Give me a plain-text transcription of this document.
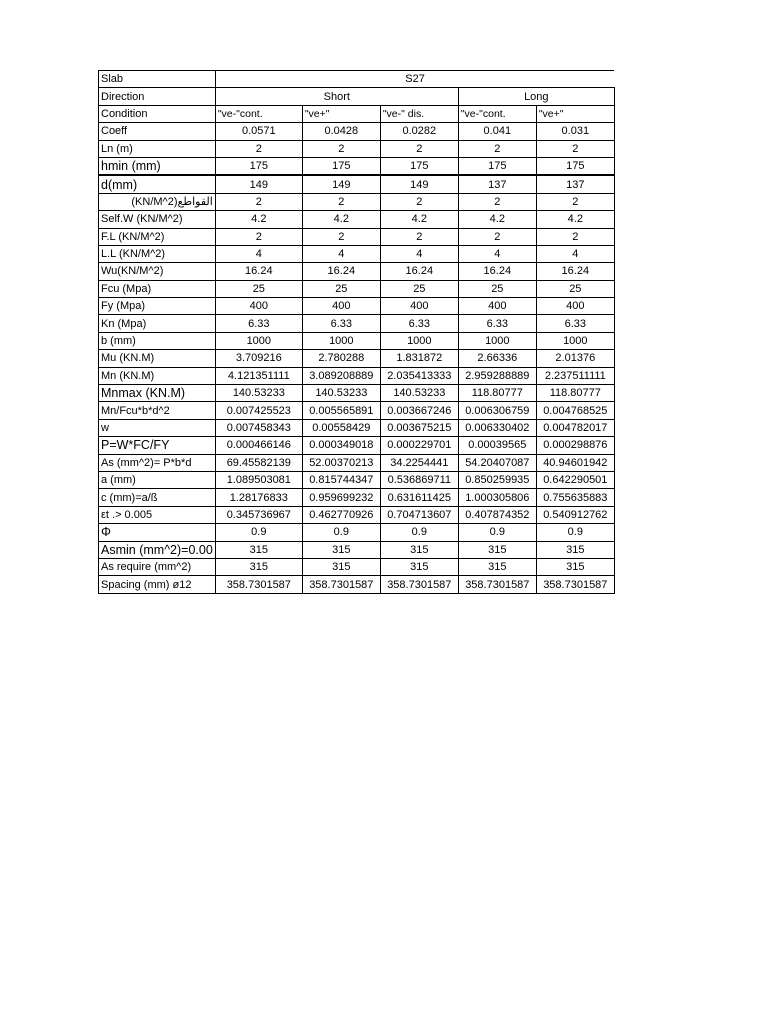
Slab	S27				
Direction	Short			Long	
Condition	"ve-"cont.	"ve+"	"ve-" dis.	"ve-"cont.	"ve+"
Coeff	0.0571	0.0428	0.0282	0.041	0.031
Ln (m)	2	2	2	2	2
hmin (mm)	175	175	175	175	175
d(mm)	149	149	149	137	137
(KN/M^2)القواطع	2	2	2	2	2
Self.W (KN/M^2)	4.2	4.2	4.2	4.2	4.2
F.L (KN/M^2)	2	2	2	2	2
L.L (KN/M^2)	4	4	4	4	4
Wu(KN/M^2)	16.24	16.24	16.24	16.24	16.24
Fcu (Mpa)	25	25	25	25	25
Fy (Mpa)	400	400	400	400	400
Kn (Mpa)	6.33	6.33	6.33	6.33	6.33
b (mm)	1000	1000	1000	1000	1000
Mu (KN.M)	3.709216	2.780288	1.831872	2.66336	2.01376
Mn (KN.M)	4.121351111	3.089208889	2.035413333	2.959288889	2.237511111
Mnmax (KN.M)	140.53233	140.53233	140.53233	118.80777	118.80777
Mn/Fcu*b*d^2	0.007425523	0.005565891	0.003667246	0.006306759	0.004768525
w	0.007458343	0.00558429	0.003675215	0.006330402	0.004782017
P=W*FC/FY	0.000466146	0.000349018	0.000229701	0.00039565	0.000298876
As (mm^2)= P*b*d	69.45582139	52.00370213	34.2254441	54.20407087	40.94601942
a (mm)	1.089503081	0.815744347	0.536869711	0.850259935	0.642290501
c (mm)=a/ß	1.28176833	0.959699232	0.631611425	1.000305806	0.755635883
εt .> 0.005	0.345736967	0.462770926	0.704713607	0.407874352	0.540912762
Φ	0.9	0.9	0.9	0.9	0.9
Asmin (mm^2)=0.00	315	315	315	315	315
As require (mm^2)	315	315	315	315	315
Spacing (mm) ø12	358.7301587	358.7301587	358.7301587	358.7301587	358.7301587
